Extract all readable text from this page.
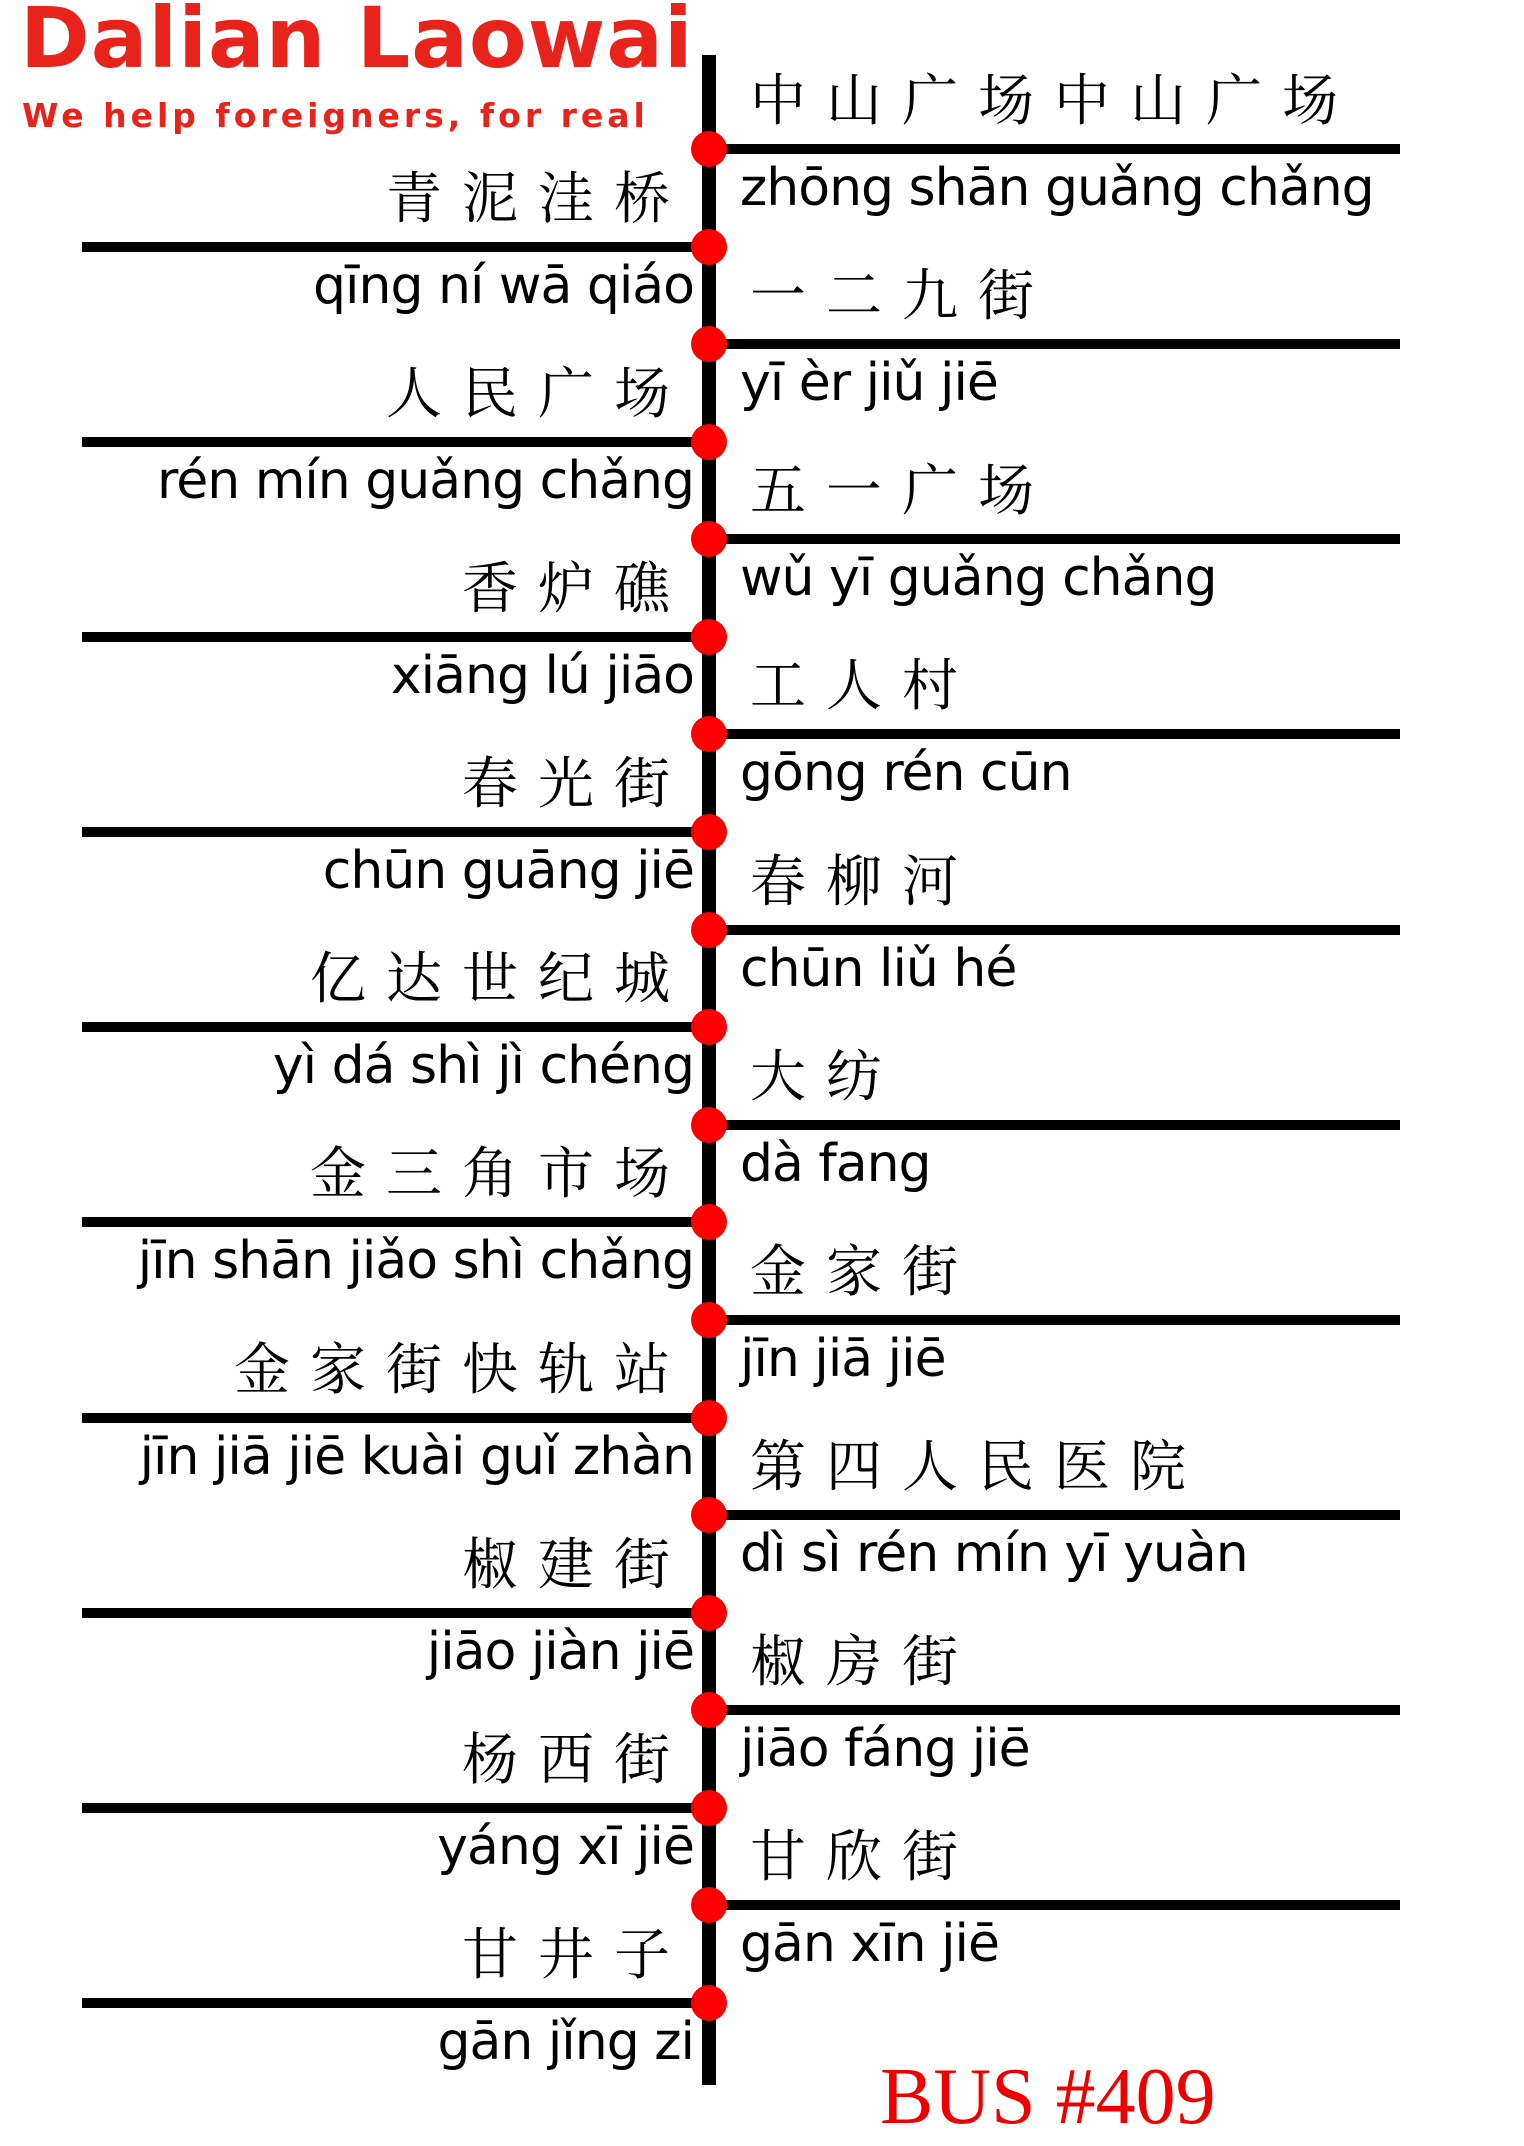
Dalian Laowai
We help foreigners, for real 中山广场中山广场
zhōng shān guǎng chǎng
青泥洼桥
qīng ní wā qiáo 一二九街
yī èr jiǔ jiē
人民广场
rén mín guǎng chǎng 五一广场
wǔ yī guǎng chǎng
香炉礁
xiāng lú jiāo 工人村
gōng rén cūn
春光街
chūn guāng jiē 春柳河
chūn liǔ hé
亿达世纪城
yì dá shì jì chéng 大纺
dà fang
金三角市场
jīn shān jiǎo shì chǎng 金家街
jīn jiā jiē
金家街快轨站
jīn jiā jiē kuài guǐ zhàn 第四人民医院
dì sì rén mín yī yuàn
椒建街
jiāo jiàn jiē 椒房街
jiāo fáng jiē
杨西街
yáng xī jiē 甘欣街
gān xīn jiē
甘井子
gān jǐng zi
BUS #409
